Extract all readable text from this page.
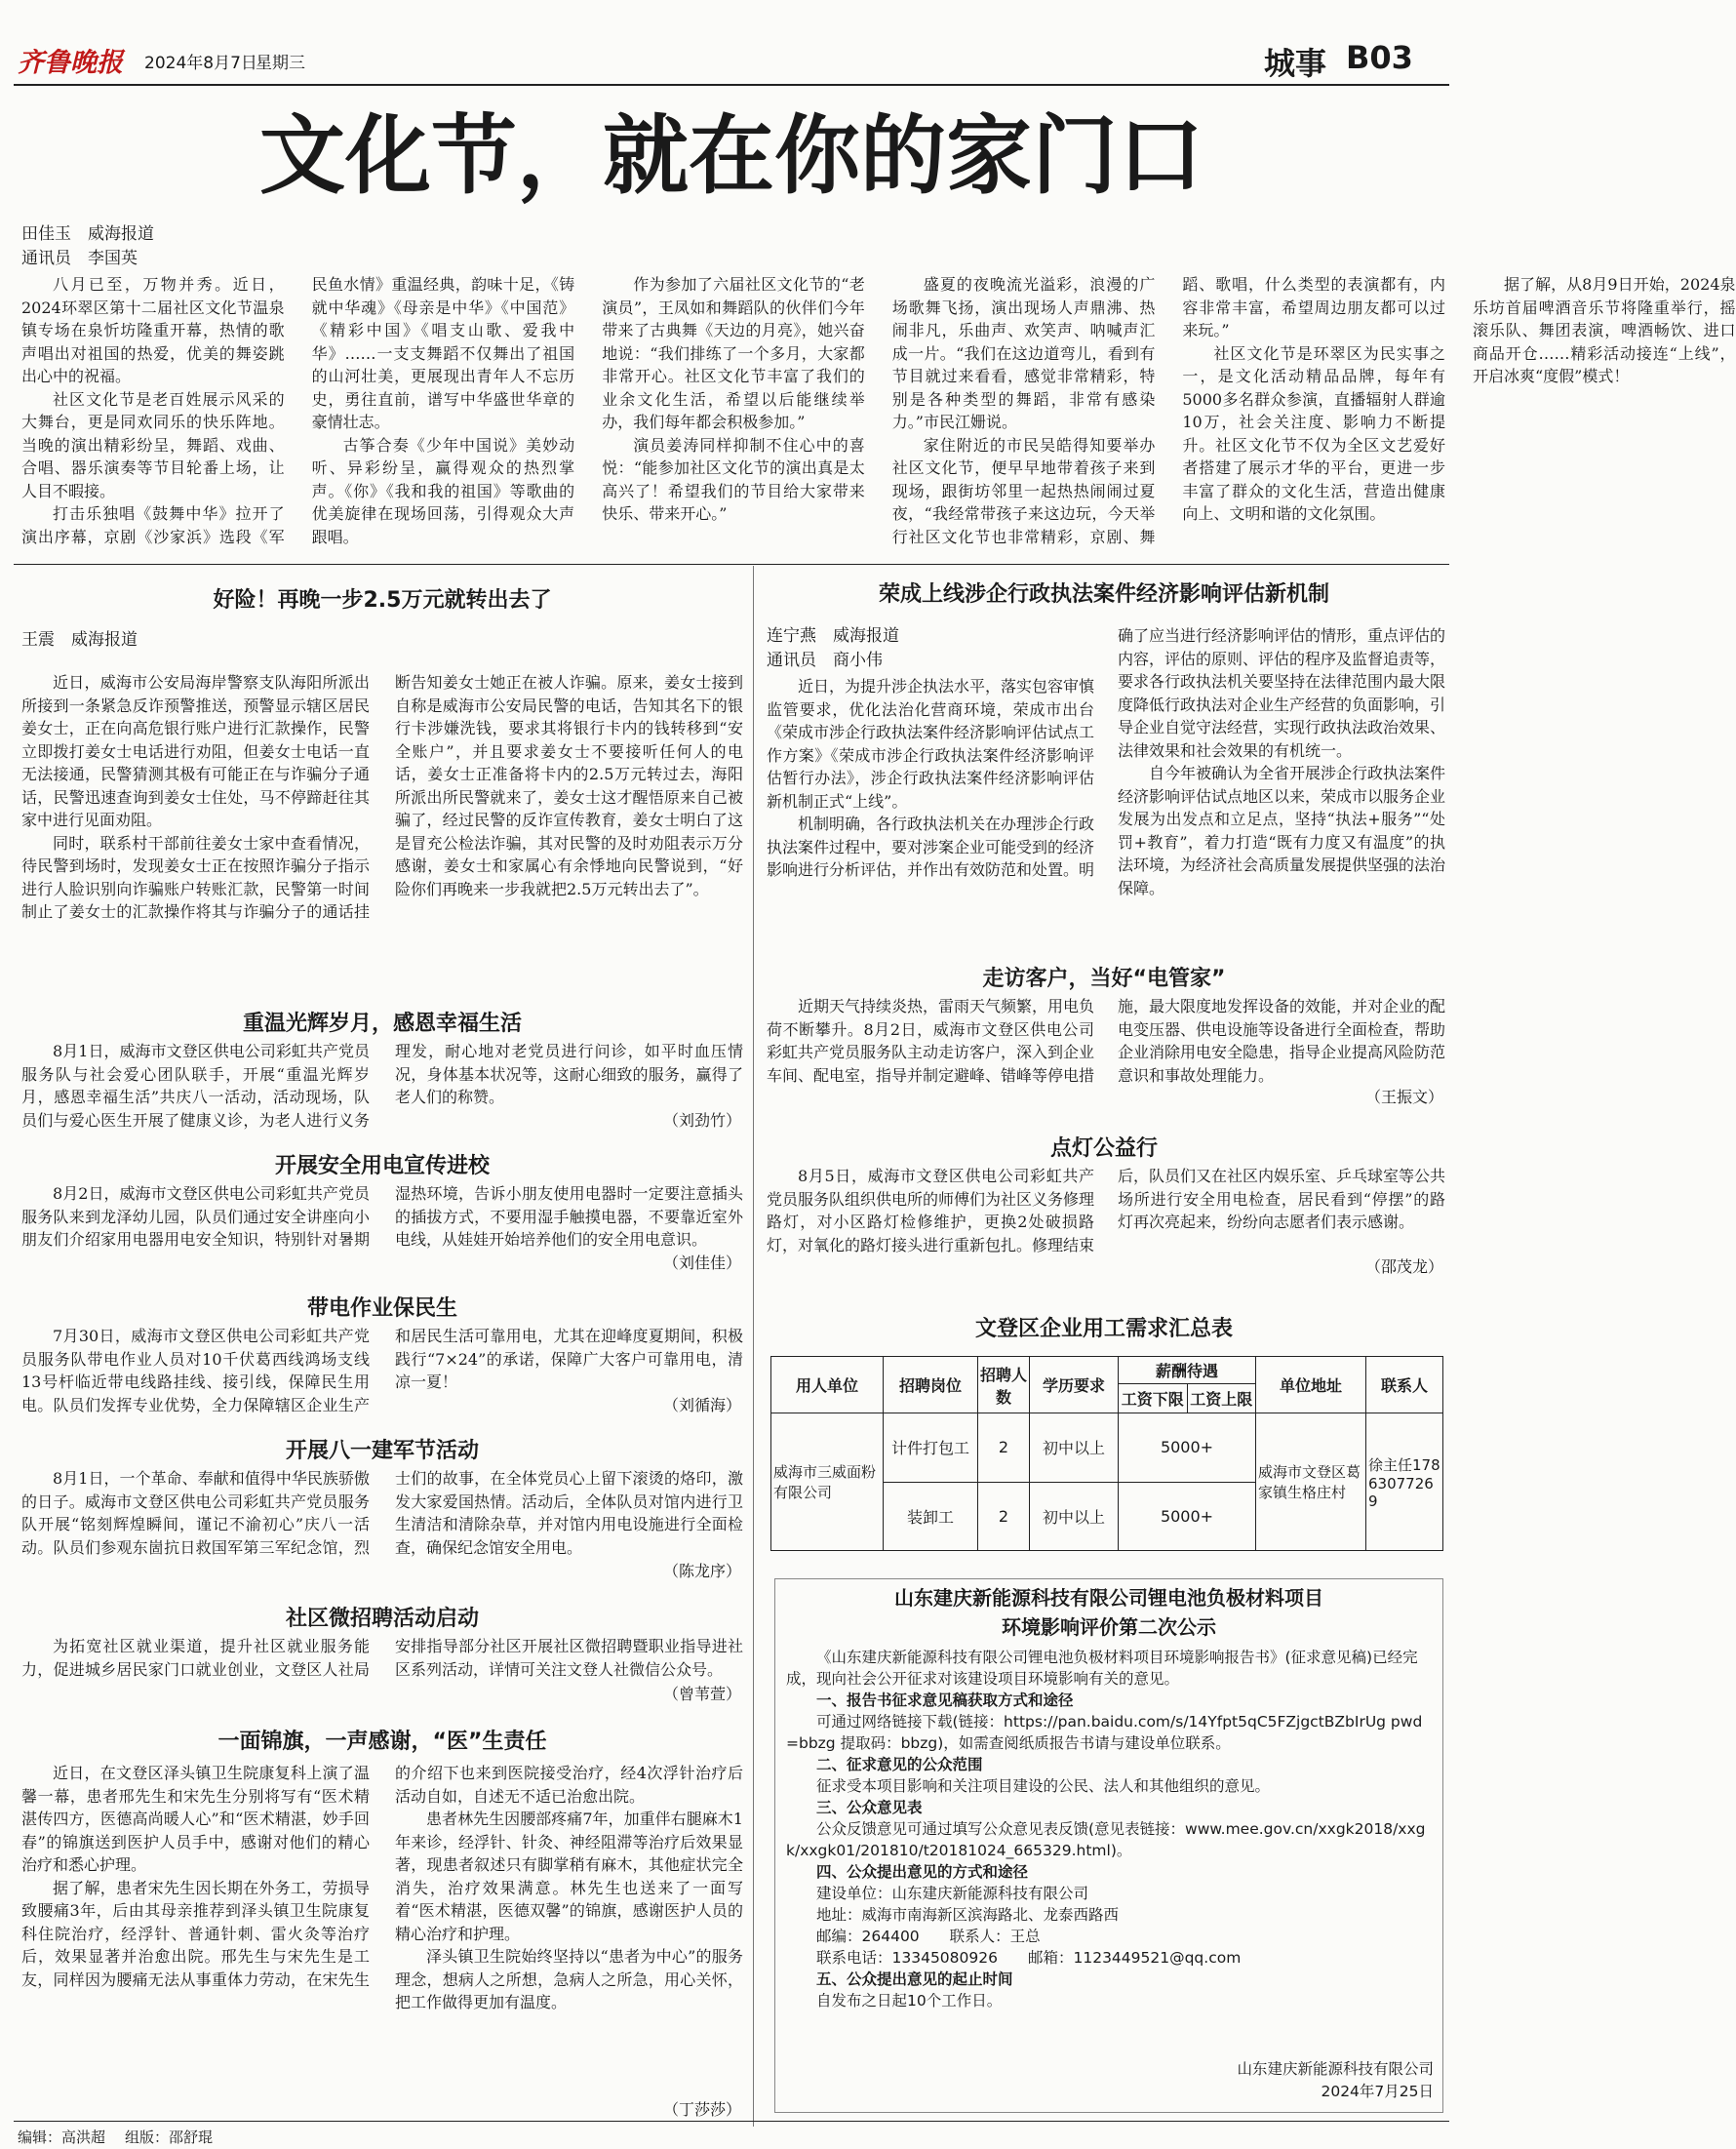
齐鲁晚报 2024年8月7日
星期三	城事 B03
文化节，就在你的家门口
田佳玉　威海报道
通讯员　李国英

八月已至，万物并秀。近日，2024环翠区第十二届社区文化节温泉镇专场在泉忻坊隆重开幕，热情的歌声唱出对祖国的热爱，优美的舞姿跳出心中的祝福。

社区文化节是老百姓展示风采的大舞台，更是同欢同乐的快乐阵地。当晚的演出精彩纷呈，舞蹈、戏曲、合唱、器乐演奏等节目轮番上场，让人目不暇接。

打击乐独唱《鼓舞中华》拉开了演出序幕，京剧《沙家浜》选段《军民鱼水情》重温经典，韵味十足，《铸就中华魂》《母亲是中华》《中国范》《精彩中国》《唱支山歌、爱我中华》……一支支舞蹈不仅舞出了祖国的山河壮美，更展现出青年人不忘历史，勇往直前，谱写中华盛世华章的豪情壮志。

古筝合奏《少年中国说》美妙动听、异彩纷呈，赢得观众的热烈掌声。《你》《我和我的祖国》等歌曲的优美旋律在现场回荡，引得观众大声跟唱。

作为参加了六届社区文化节的“老演员”，王凤如和舞蹈队的伙伴们今年带来了古典舞《天边的月亮》，她兴奋地说：“我们排练了一个多月，大家都非常开心。社区文化节丰富了我们的业余文化生活，希望以后能继续举办，我们每年都会积极参加。”

演员姜涛同样抑制不住心中的喜悦：“能参加社区文化节的演出真是太高兴了！希望我们的节目给大家带来快乐、带来开心。”

盛夏的夜晚流光溢彩，浪漫的广场歌舞飞扬，演出现场人声鼎沸、热闹非凡，乐曲声、欢笑声、呐喊声汇成一片。“我们在这边道弯儿，看到有节目就过来看看，感觉非常精彩，特别是各种类型的舞蹈，非常有感染力。”市民江姗说。

家住附近的市民吴皓得知要举办社区文化节，便早早地带着孩子来到现场，跟街坊邻里一起热热闹闹过夏夜，“我经常带孩子来这边玩，今天举行社区文化节也非常精彩，京剧、舞蹈、歌唱，什么类型的表演都有，内容非常丰富，希望周边朋友都可以过来玩。”

社区文化节是环翠区为民实事之一，是文化活动精品品牌，每年有5000多名群众参演，直播辐射人群逾10万，社会关注度、影响力不断提升。社区文化节不仅为全区文艺爱好者搭建了展示才华的平台，更进一步丰富了群众的文化生活，营造出健康向上、文明和谐的文化氛围。

据了解，从8月9日开始，2024泉乐坊首届啤酒音乐节将隆重举行，摇滚乐队、舞团表演，啤酒畅饮、进口商品开仓……精彩活动接连“上线”，开启冰爽“度假”模式！

好险！再晚一步2.5万元就转出去了
王震　威海报道

近日，威海市公安局海岸警察支队海阳所派出所接到一条紧急反诈预警推送，预警显示辖区居民姜女士，正在向高危银行账户进行汇款操作，民警立即拨打姜女士电话进行劝阻，但姜女士电话一直无法接通，民警猜测其极有可能正在与诈骗分子通话，民警迅速查询到姜女士住处，马不停蹄赶往其家中进行见面劝阻。

同时，联系村干部前往姜女士家中查看情况，待民警到场时，发现姜女士正在按照诈骗分子指示进行人脸识别向诈骗账户转账汇款，民警第一时间制止了姜女士的汇款操作将其与诈骗分子的通话挂断告知姜女士她正在被人诈骗。原来，姜女士接到自称是威海市公安局民警的电话，告知其名下的银行卡涉嫌洗钱，要求其将银行卡内的钱转移到“安全账户”，并且要求姜女士不要接听任何人的电话，姜女士正准备将卡内的2.5万元转过去，海阳所派出所民警就来了，姜女士这才醒悟原来自己被骗了，经过民警的反诈宣传教育，姜女士明白了这是冒充公检法诈骗，其对民警的及时劝阻表示万分感谢，姜女士和家属心有余悸地向民警说到，“好险你们再晚来一步我就把2.5万元转出去了”。

重温光辉岁月，感恩幸福生活

8月1日，威海市文登区供电公司彩虹共产党员服务队与社会爱心团队联手，开展“重温光辉岁月，感恩幸福生活”共庆八一活动，活动现场，队员们与爱心医生开展了健康义诊，为老人进行义务理发，耐心地对老党员进行问诊，如平时血压情况，身体基本状况等，这耐心细致的服务，赢得了老人们的称赞。

（刘劲竹）
开展安全用电宣传进校

8月2日，威海市文登区供电公司彩虹共产党员服务队来到龙泽幼儿园，队员们通过安全讲座向小朋友们介绍家用电器用电安全知识，特别针对暑期湿热环境，告诉小朋友使用电器时一定要注意插头的插拔方式，不要用湿手触摸电器，不要靠近室外电线，从娃娃开始培养他们的安全用电意识。

（刘佳佳）
带电作业保民生

7月30日，威海市文登区供电公司彩虹共产党员服务队带电作业人员对10千伏葛西线鸿场支线13号杆临近带电线路挂线、接引线，保障民生用电。队员们发挥专业优势，全力保障辖区企业生产和居民生活可靠用电，尤其在迎峰度夏期间，积极践行“7×24”的承诺，保障广大客户可靠用电，清凉一夏！

（刘循海）
开展八一建军节活动

8月1日，一个革命、奉献和值得中华民族骄傲的日子。威海市文登区供电公司彩虹共产党员服务队开展“铭刻辉煌瞬间，谨记不渝初心”庆八一活动。队员们参观东崮抗日救国军第三军纪念馆，烈士们的故事，在全体党员心上留下滚烫的烙印，激发大家爱国热情。活动后，全体队员对馆内进行卫生清洁和清除杂草，并对馆内用电设施进行全面检查，确保纪念馆安全用电。

（陈龙序）
社区微招聘活动启动

为拓宽社区就业渠道，提升社区就业服务能力，促进城乡居民家门口就业创业，文登区人社局安排指导部分社区开展社区微招聘暨职业指导进社区系列活动，详情可关注文登人社微信公众号。

（曾苇萱）
一面锦旗，一声感谢，“医”生责任

近日，在文登区泽头镇卫生院康复科上演了温馨一幕，患者邢先生和宋先生分别将写有“医术精湛传四方，医德高尚暖人心”和“医术精湛，妙手回春”的锦旗送到医护人员手中，感谢对他们的精心治疗和悉心护理。

据了解，患者宋先生因长期在外务工，劳损导致腰痛3年，后由其母亲推荐到泽头镇卫生院康复科住院治疗，经浮针、普通针刺、雷火灸等治疗后，效果显著并治愈出院。邢先生与宋先生是工友，同样因为腰痛无法从事重体力劳动，在宋先生的介绍下也来到医院接受治疗，经4次浮针治疗后活动自如，自述无不适已治愈出院。

患者林先生因腰部疼痛7年，加重伴右腿麻木1年来诊，经浮针、针灸、神经阻滞等治疗后效果显著，现患者叙述只有脚掌稍有麻木，其他症状完全消失，治疗效果满意。林先生也送来了一面写着“医术精湛，医德双馨”的锦旗，感谢医护人员的精心治疗和护理。

泽头镇卫生院始终坚持以“患者为中心”的服务理念，想病人之所想，急病人之所急，用心关怀，把工作做得更加有温度。

（丁莎莎）
荣成上线涉企行政执法案件经济影响评估新机制
连宁燕　威海报道
通讯员　商小伟

近日，为提升涉企执法水平，落实包容审慎监管要求，优化法治化营商环境，荣成市出台《荣成市涉企行政执法案件经济影响评估试点工作方案》《荣成市涉企行政执法案件经济影响评估暂行办法》，涉企行政执法案件经济影响评估新机制正式“上线”。

机制明确，各行政执法机关在办理涉企行政执法案件过程中，要对涉案企业可能受到的经济影响进行分析评估，并作出有效防范和处置。明确了应当进行经济影响评估的情形，重点评估的内容，评估的原则、评估的程序及监督追责等，要求各行政执法机关要坚持在法律范围内最大限度降低行政执法对企业生产经营的负面影响，引导企业自觉守法经营，实现行政执法政治效果、法律效果和社会效果的有机统一。

自今年被确认为全省开展涉企行政执法案件经济影响评估试点地区以来，荣成市以服务企业发展为出发点和立足点，坚持“执法+服务”“处罚+教育”，着力打造“既有力度又有温度”的执法环境，为经济社会高质量发展提供坚强的法治保障。

走访客户，当好“电管家”

近期天气持续炎热，雷雨天气频繁，用电负荷不断攀升。8月2日，威海市文登区供电公司彩虹共产党员服务队主动走访客户，深入到企业车间、配电室，指导并制定避峰、错峰等停电措施，最大限度地发挥设备的效能，并对企业的配电变压器、供电设施等设备进行全面检查，帮助企业消除用电安全隐患，指导企业提高风险防范意识和事故处理能力。

（王振文）
点灯公益行

8月5日，威海市文登区供电公司彩虹共产党员服务队组织供电所的师傅们为社区义务修理路灯，对小区路灯检修维护，更换2处破损路灯，对氧化的路灯接头进行重新包扎。修理结束后，队员们又在社区内娱乐室、乒乓球室等公共场所进行安全用电检查，居民看到“停摆”的路灯再次亮起来，纷纷向志愿者们表示感谢。

（邵茂龙）
文登区企业用工需求汇总表
用人单位	招聘岗位	招聘人数	学历要求	薪酬待遇		单位地址	联系人
				工资下限	工资上限		
威海市三威面粉有限公司	计件打包工	2	初中以上	5000+		威海市文登区葛家镇生格庄村	徐主任17863077269
	装卸工	2	初中以上	5000+			
山东建庆新能源科技有限公司锂电池负极材料项目
环境影响评价第二次公示

《山东建庆新能源科技有限公司锂电池负极材料项目环境影响报告书》(征求意见稿)已经完成，现向社会公开征求对该建设项目环境影响有关的意见。

一、报告书征求意见稿获取方式和途径

可通过网络链接下载(链接：https://pan.baidu.com/s/14Yfpt5qC5FZjgctBZbIrUg pwd=bbzg 提取码：bbzg)，如需查阅纸质报告书请与建设单位联系。

二、征求意见的公众范围

征求受本项目影响和关注项目建设的公民、法人和其他组织的意见。

三、公众意见表

公众反馈意见可通过填写公众意见表反馈(意见表链接：www.mee.gov.cn/xxgk2018/xxgk/xxgk01/201810/t20181024_665329.html)。

四、公众提出意见的方式和途径

建设单位：山东建庆新能源科技有限公司

地址：威海市南海新区滨海路北、龙泰西路西

邮编：264400　　联系人：王总

联系电话：13345080926　　邮箱：1123449521@qq.com

五、公众提出意见的起止时间

自发布之日起10个工作日。

山东建庆新能源科技有限公司
2024年7月25日
编辑：高洪超 组版：邵舒琨
